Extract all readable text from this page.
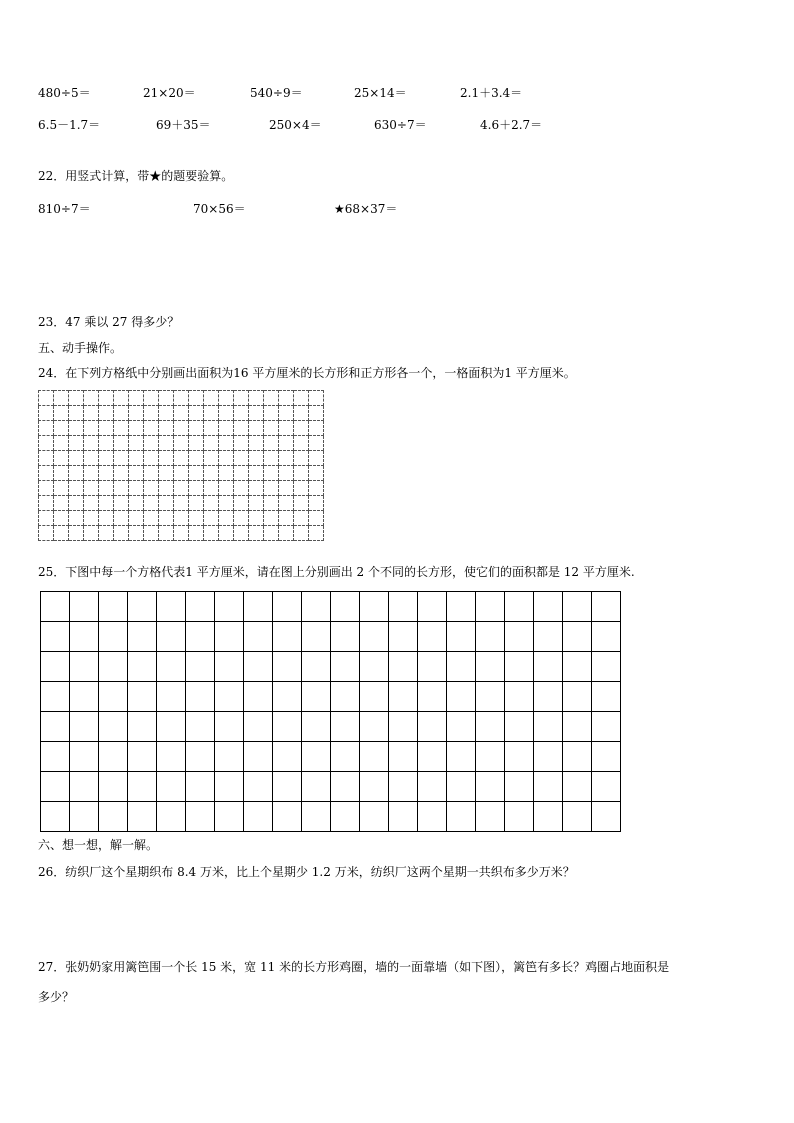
480÷5＝	21×20＝	540÷9＝	25×14＝	2.1＋3.4＝
6.5－1.7＝	69＋35＝	250×4＝	630÷7＝	4.6＋2.7＝
22．用竖式计算，带★的题要验算。
810÷7＝	70×56＝	★68×37＝
23．47 乘以 27 得多少？
五、动手操作。
24．在下列方格纸中分别画出面积为16 平方厘米的长方形和正方形各一个，一格面积为1 平方厘米。

25．下图中每一个方格代表1 平方厘米，请在图上分别画出 2 个不同的长方形，使它们的面积都是 12 平方厘米.

六、想一想，解一解。
26．纺织厂这个星期织布 8.4 万米，比上个星期少 1.2 万米，纺织厂这两个星期一共织布多少万米？
27．张奶奶家用篱笆围一个长 15 米，宽 11 米的长方形鸡圈，墙的一面靠墙（如下图），篱笆有多长？鸡圈占地面积是
多少？
